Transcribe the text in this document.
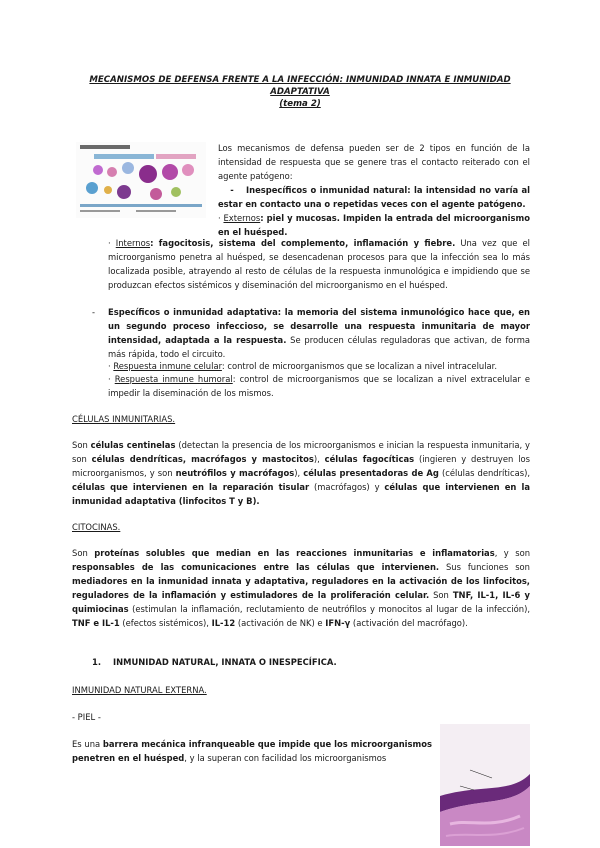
MECANISMOS DE DEFENSA FRENTE A LA INFECCIÓN: INMUNIDAD INNATA E INMUNIDAD
ADAPTATIVA
(tema 2)
Los mecanismos de defensa pueden ser de 2 tipos en función de la intensidad de respuesta que se genere tras el contacto reiterado con el agente patógeno:
- Inespecíficos o inmunidad natural: la intensidad no varía al estar en contacto una o repetidas veces con el agente patógeno.
· Externos: piel y mucosas. Impiden la entrada del microorganismo en el huésped.
· Internos: fagocitosis, sistema del complemento, inflamación y fiebre. Una vez que el microorganismo penetra al huésped, se desencadenan procesos para que la infección sea lo más localizada posible, atrayendo al resto de células de la respuesta inmunológica e impidiendo que se produzcan efectos sistémicos y diseminación del microorganismo en el huésped.
-	Específicos o inmunidad adaptativa: la memoria del sistema inmunológico hace que, en un segundo proceso infeccioso, se desarrolle una respuesta inmunitaria de mayor intensidad, adaptada a la respuesta. Se producen células reguladoras que activan, de forma más rápida, todo el circuito.
· Respuesta inmune celular: control de microorganismos que se localizan a nivel intracelular.
· Respuesta inmune humoral: control de microorganismos que se localizan a nivel extracelular e impedir la diseminación de los mismos.
CÉLULAS INMUNITARIAS.
Son células centinelas (detectan la presencia de los microorganismos e inician la respuesta inmunitaria, y son células dendríticas, macrófagos y mastocitos), células fagocíticas (ingieren y destruyen los microorganismos, y son neutrófilos y macrófagos), células presentadoras de Ag (células dendríticas), células que intervienen en la reparación tisular (macrófagos) y células que intervienen en la inmunidad adaptativa (linfocitos T y B).
CITOCINAS.
Son proteínas solubles que median en las reacciones inmunitarias e inflamatorias, y son responsables de las comunicaciones entre las células que intervienen. Sus funciones son mediadores en la inmunidad innata y adaptativa, reguladores en la activación de los linfocitos, reguladores de la inflamación y estimuladores de la proliferación celular. Son TNF, IL-1, IL-6 y quimiocinas (estimulan la inflamación, reclutamiento de neutrófilos y monocitos al lugar de la infección), TNF e IL-1 (efectos sistémicos), IL-12 (activación de NK) e IFN-γ (activación del macrófago).
1. INMUNIDAD NATURAL, INNATA O INESPECÍFICA.
INMUNIDAD NATURAL EXTERNA.
- PIEL -
Es una barrera mecánica infranqueable que impide que los microorganismos penetren en el huésped, y la superan con facilidad los microorganismos
